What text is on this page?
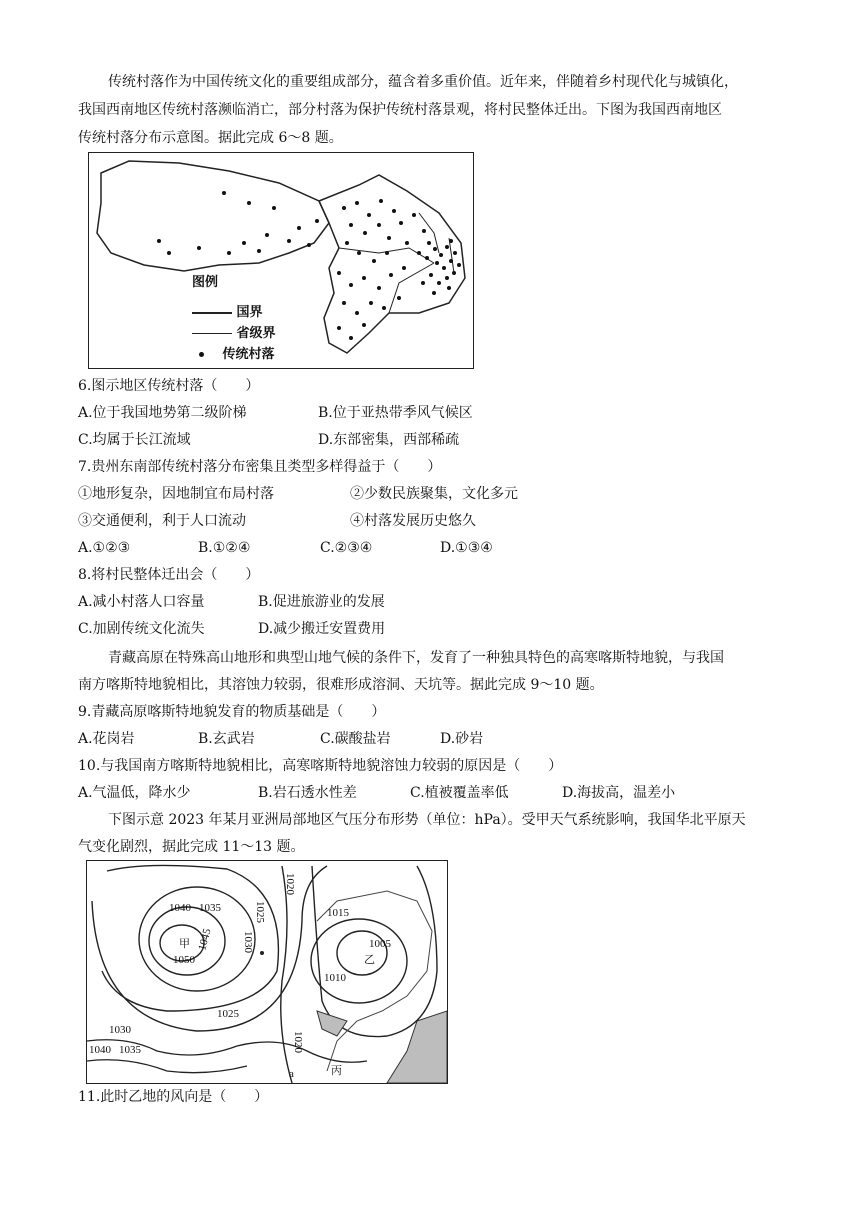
传统村落作为中国传统文化的重要组成部分，蕴含着多重价值。近年来，伴随着乡村现代化与城镇化，
我国西南地区传统村落濒临消亡，部分村落为保护传统村落景观，将村民整体迁出。下图为我国西南地区
传统村落分布示意图。据此完成 6～8 题。
图例
国界
省级界
传统村落
6.图示地区传统村落（　　）
A.位于我国地势第二级阶梯	B.位于亚热带季风气候区
C.均属于长江流域	D.东部密集，西部稀疏
7.贵州东南部传统村落分布密集且类型多样得益于（　　）
①地形复杂，因地制宜布局村落	②少数民族聚集，文化多元
③交通便利，利于人口流动	④村落发展历史悠久
A.①②③	B.①②④	C.②③④	D.①③④
8.将村民整体迁出会（　　）
A.减小村落人口容量	B.促进旅游业的发展
C.加剧传统文化流失	D.减少搬迁安置费用
青藏高原在特殊高山地形和典型山地气候的条件下，发育了一种独具特色的高寒喀斯特地貌，与我国
南方喀斯特地貌相比，其溶蚀力较弱，很难形成溶洞、天坑等。据此完成 9～10 题。
9.青藏高原喀斯特地貌发育的物质基础是（　　）
A.花岗岩	B.玄武岩	C.碳酸盐岩	D.砂岩
10.与我国南方喀斯特地貌相比，高寒喀斯特地貌溶蚀力较弱的原因是（　　）
A.气温低，降水少	B.岩石透水性差	C.植被覆盖率低	D.海拔高，温差小
下图示意 2023 年某月亚洲局部地区气压分布形势（单位：hPa）。受甲天气系统影响，我国华北平原天
气变化剧烈，据此完成 11～13 题。
1040 1035
1045
1050
甲	1030
1025
1020
1015
1005
乙
1010
1025
1030
1040 1035	1020
a	丙
11.此时乙地的风向是（　　）
